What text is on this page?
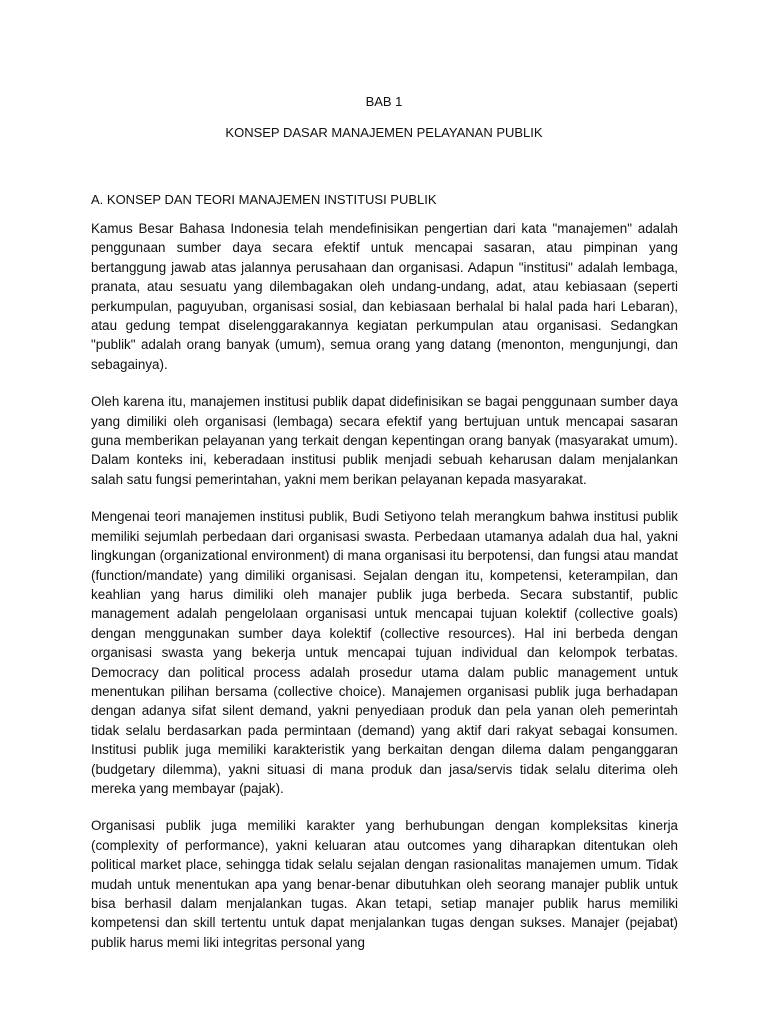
BAB 1
KONSEP DASAR MANAJEMEN PELAYANAN PUBLIK
A. KONSEP DAN TEORI MANAJEMEN INSTITUSI PUBLIK

Kamus Besar Bahasa Indonesia telah mendefinisikan pengertian dari kata "manajemen" adalah penggunaan sumber daya secara efektif untuk mencapai sasaran, atau pimpinan yang bertanggung jawab atas jalannya perusahaan dan organisasi. Adapun "institusi" adalah lembaga, pranata, atau sesuatu yang dilembagakan oleh undang-undang, adat, atau kebiasaan (seperti perkumpulan, paguyuban, organisasi sosial, dan kebiasaan berhalal bi halal pada hari Lebaran), atau gedung tempat diselenggarakannya kegiatan perkumpulan atau organisasi. Sedangkan "publik" adalah orang banyak (umum), semua orang yang datang (menonton, mengunjungi, dan sebagainya).

Oleh karena itu, manajemen institusi publik dapat didefinisikan se bagai penggunaan sumber daya yang dimiliki oleh organisasi (lembaga) secara efektif yang bertujuan untuk mencapai sasaran guna memberikan pelayanan yang terkait dengan kepentingan orang banyak (masyarakat umum). Dalam konteks ini, keberadaan institusi publik menjadi sebuah keharusan dalam menjalankan salah satu fungsi pemerintahan, yakni mem berikan pelayanan kepada masyarakat.

Mengenai teori manajemen institusi publik, Budi Setiyono telah merangkum bahwa institusi publik memiliki sejumlah perbedaan dari organisasi swasta. Perbedaan utamanya adalah dua hal, yakni lingkungan (organizational environment) di mana organisasi itu berpotensi, dan fungsi atau mandat (function/mandate) yang dimiliki organisasi. Sejalan dengan itu, kompetensi, keterampilan, dan keahlian yang harus dimiliki oleh manajer publik juga berbeda. Secara substantif, public management adalah pengelolaan organisasi untuk mencapai tujuan kolektif (collective goals) dengan menggunakan sumber daya kolektif (collective resources). Hal ini berbeda dengan organisasi swasta yang bekerja untuk mencapai tujuan individual dan kelompok terbatas. Democracy dan political process adalah prosedur utama dalam public management untuk menentukan pilihan bersama (collective choice). Manajemen organisasi publik juga berhadapan dengan adanya sifat silent demand, yakni penyediaan produk dan pela yanan oleh pemerintah tidak selalu berdasarkan pada permintaan (demand) yang aktif dari rakyat sebagai konsumen. Institusi publik juga memiliki karakteristik yang berkaitan dengan dilema dalam penganggaran (budgetary dilemma), yakni situasi di mana produk dan jasa/servis tidak selalu diterima oleh mereka yang membayar (pajak).

Organisasi publik juga memiliki karakter yang berhubungan dengan kompleksitas kinerja (complexity of performance), yakni keluaran atau outcomes yang diharapkan ditentukan oleh political market place, sehingga tidak selalu sejalan dengan rasionalitas manajemen umum. Tidak mudah untuk menentukan apa yang benar-benar dibutuhkan oleh seorang manajer publik untuk bisa berhasil dalam menjalankan tugas. Akan tetapi, setiap manajer publik harus memiliki kompetensi dan skill tertentu untuk dapat menjalankan tugas dengan sukses. Manajer (pejabat) publik harus memi liki integritas personal yang
